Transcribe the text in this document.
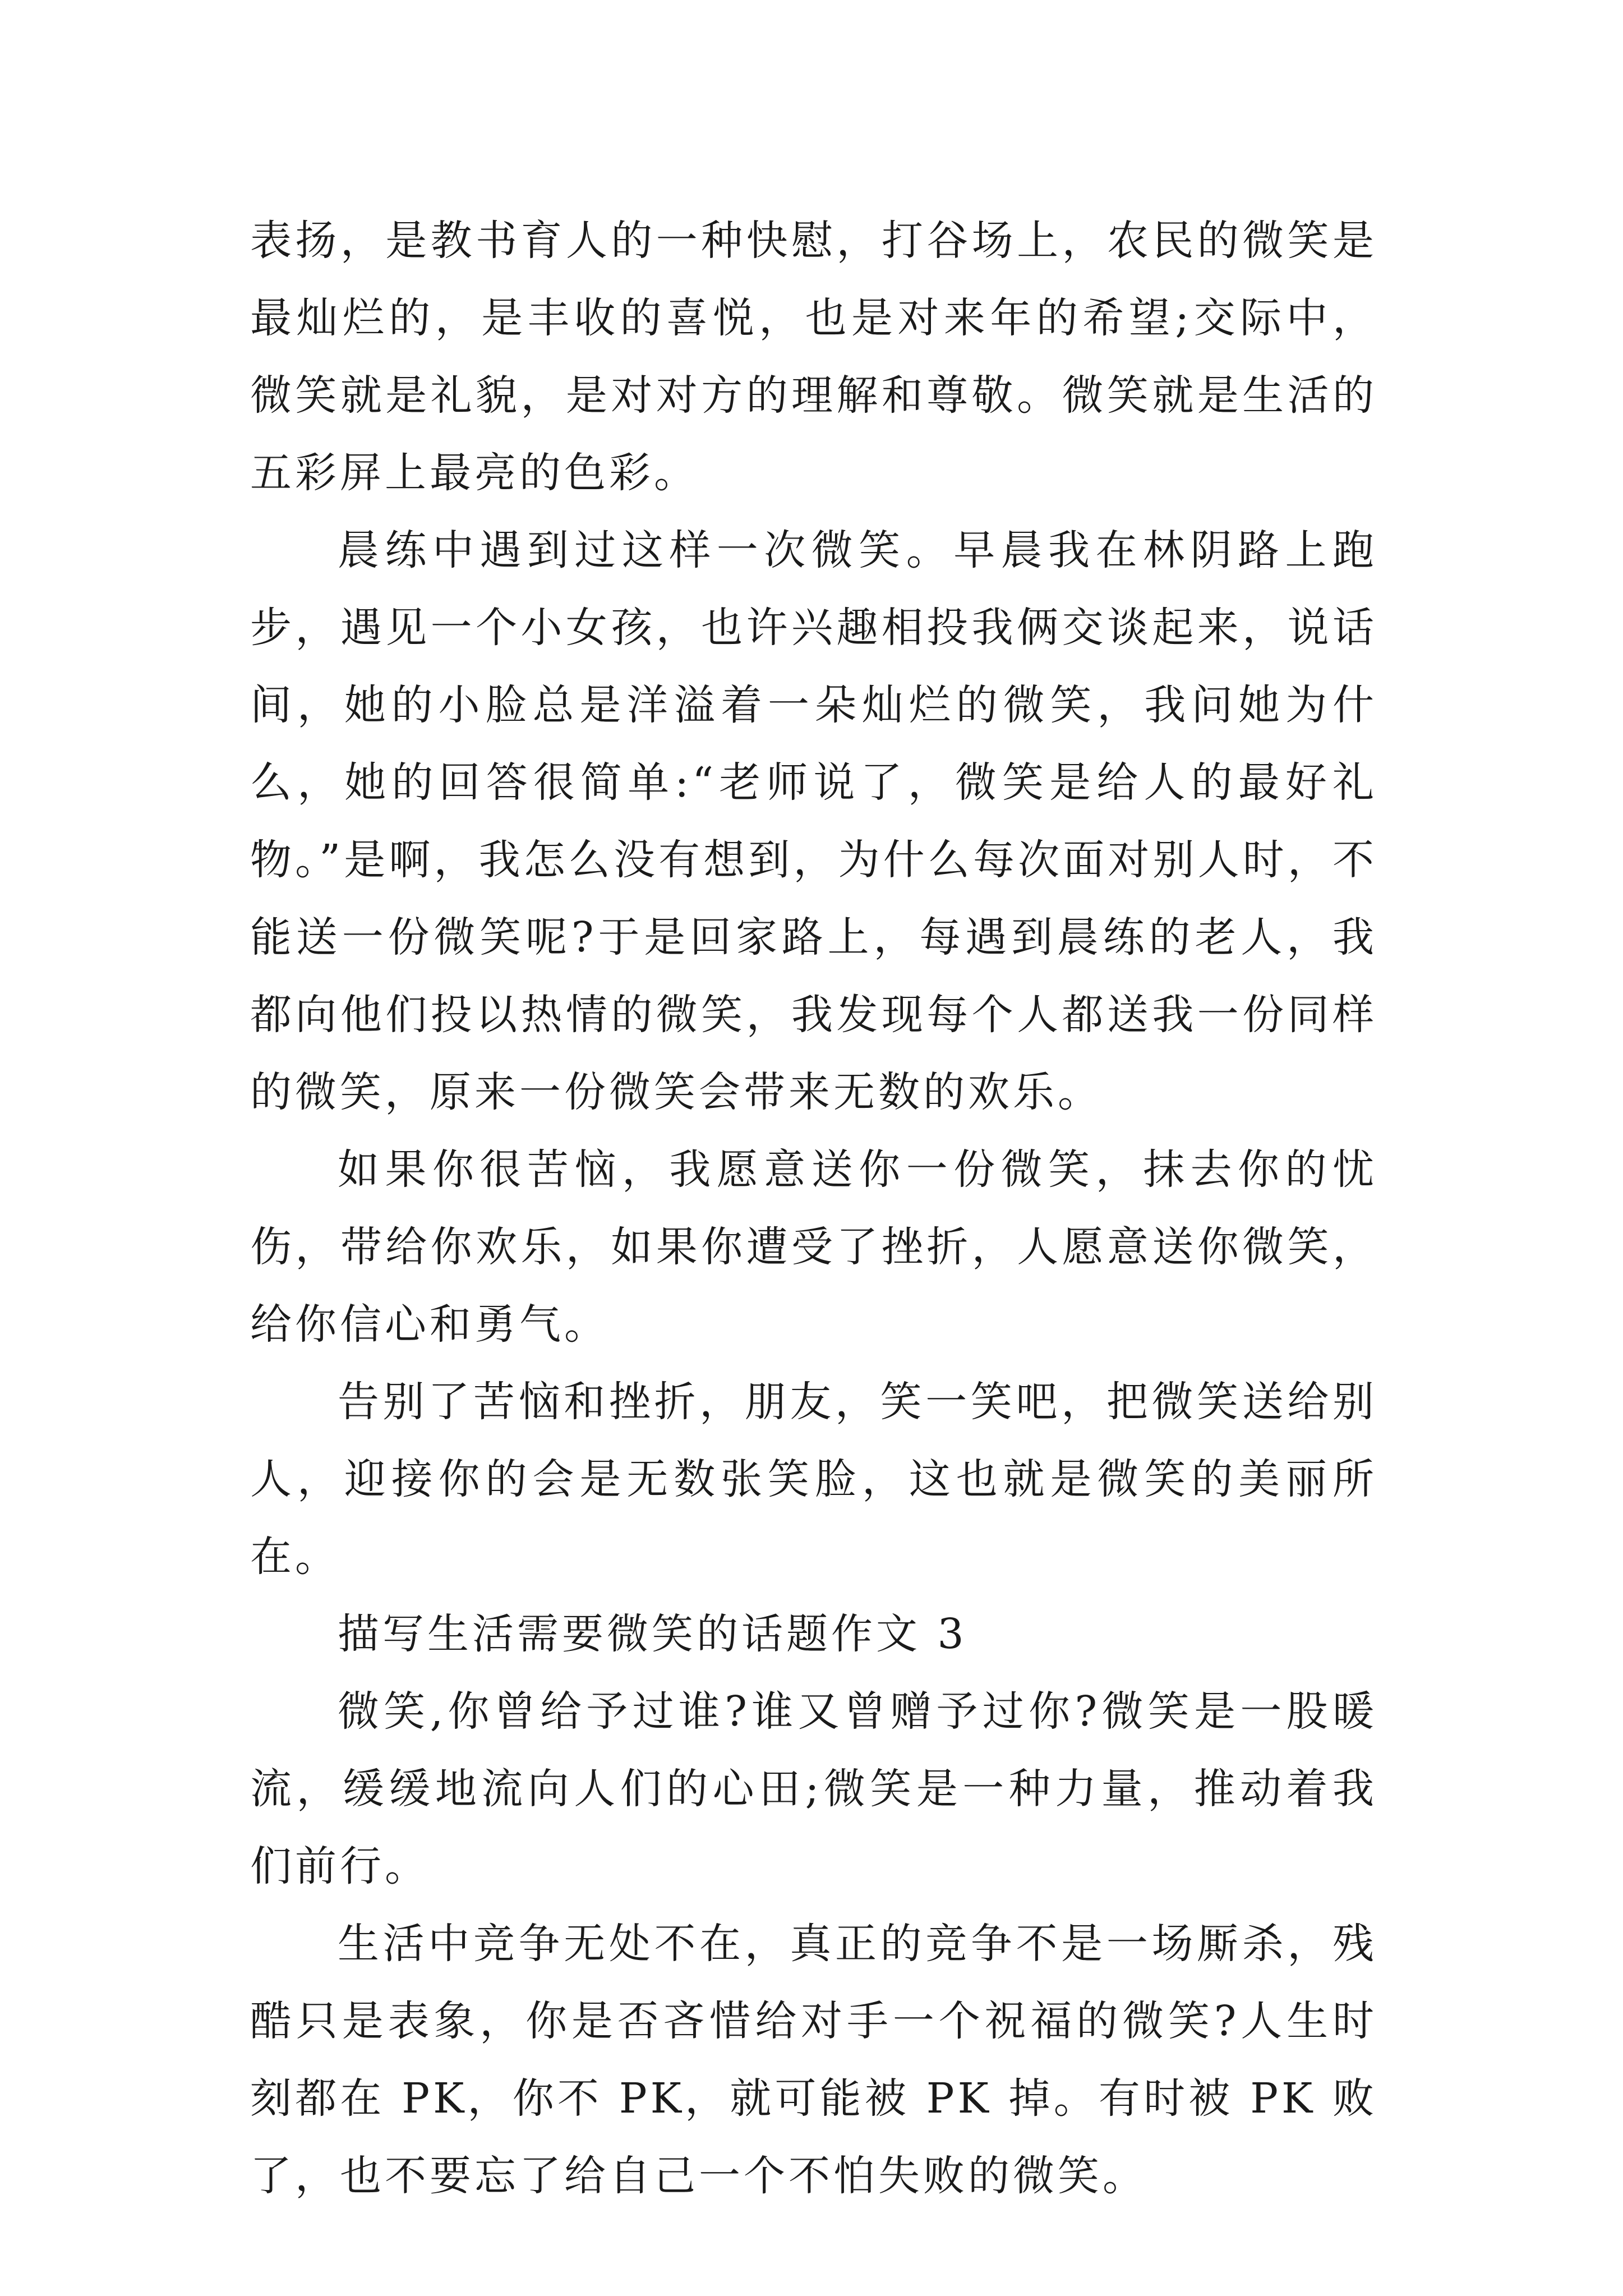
表扬，是教书育人的一种快慰，打谷场上，农民的微笑是最灿烂的，是丰收的喜悦，也是对来年的希望;交际中，微笑就是礼貌，是对对方的理解和尊敬。微笑就是生活的五彩屏上最亮的色彩。

晨练中遇到过这样一次微笑。早晨我在林阴路上跑步，遇见一个小女孩，也许兴趣相投我俩交谈起来，说话间，她的小脸总是洋溢着一朵灿烂的微笑，我问她为什么，她的回答很简单:“老师说了，微笑是给人的最好礼物。”是啊，我怎么没有想到，为什么每次面对别人时，不能送一份微笑呢?于是回家路上，每遇到晨练的老人，我都向他们投以热情的微笑，我发现每个人都送我一份同样的微笑，原来一份微笑会带来无数的欢乐。

如果你很苦恼，我愿意送你一份微笑，抹去你的忧伤，带给你欢乐，如果你遭受了挫折，人愿意送你微笑，给你信心和勇气。

告别了苦恼和挫折，朋友，笑一笑吧，把微笑送给别人，迎接你的会是无数张笑脸，这也就是微笑的美丽所在。

描写生活需要微笑的话题作文 3

微笑,你曾给予过谁?谁又曾赠予过你?微笑是一股暖流，缓缓地流向人们的心田;微笑是一种力量，推动着我们前行。

生活中竞争无处不在，真正的竞争不是一场厮杀，残酷只是表象，你是否吝惜给对手一个祝福的微笑?人生时刻都在 PK，你不 PK，就可能被 PK 掉。有时被 PK 败了，也不要忘了给自己一个不怕失败的微笑。
